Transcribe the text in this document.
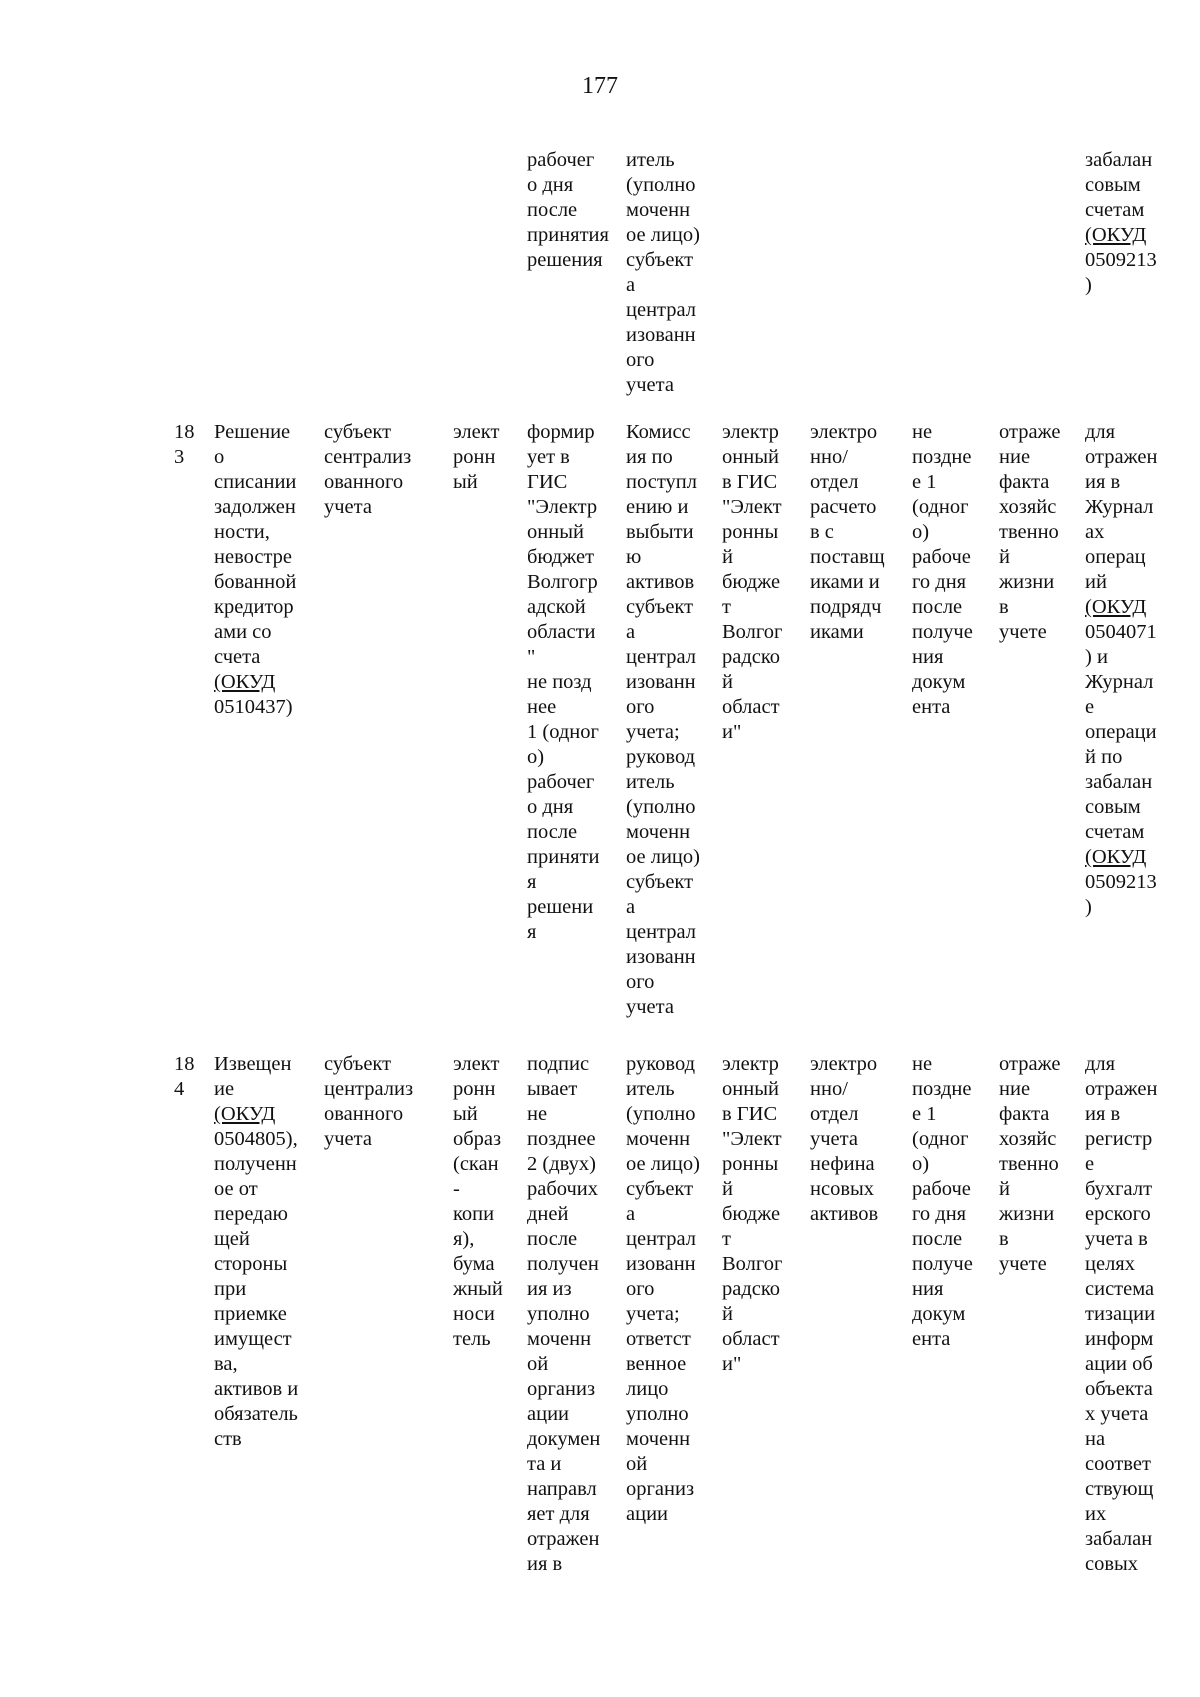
177
рабочег
о дня
после
принятия
решения
итель
(уполно
моченн
ое лицо)
субъект
а
централ
изованн
ого
учета
забалан
совым
счетам
(ОКУД
0509213
)
18
3
Решение
о
списании
задолжен
ности,
невостре
бованной
кредитор
ами со
счета
(ОКУД
0510437)
субъект
cентрализ
ованного
учета
элект
ронн
ый
формир
ует в
ГИС
"Электр
онный
бюджет
Волгогр
адской
области
"
не позд
нее
1 (одног
о)
рабочег
о дня
после
приняти
я
решени
я
Комисс
ия по
поступл
ению и
выбыти
ю
активов
субъект
а
централ
изованн
ого
учета;
руковод
итель
(уполно
моченн
ое лицо)
субъект
а
централ
изованн
ого
учета
электр
онный
в ГИС
"Элект
ронны
й
бюдже
т
Волгог
радско
й
област
и"
электро
нно/
отдел
расчето
в с
поставщ
иками и
подрядч
иками
не
поздне
е 1
(одног
о)
рабоче
го дня
после
получе
ния
докум
ента
отраже
ние
факта
хозяйс
твенно
й
жизни
в
учете
для
отражен
ия в
Журнал
ах
операц
ий
(ОКУД
0504071
) и
Журнал
е
операци
й по
забалан
совым
счетам
(ОКУД
0509213
)
18
4
Извещен
ие
(ОКУД
0504805),
полученн
ое от
передаю
щей
стороны
при
приемке
имущест
ва,
активов и
обязатель
ств
субъект
централиз
ованного
учета
элект
ронн
ый
образ
(скан
-
копи
я),
бума
жный
носи
тель
подпис
ывает
не
позднее
2 (двух)
рабочих
дней
после
получен
ия из
уполно
моченн
ой
организ
ации
докумен
та и
направл
яет для
отражен
ия в
руковод
итель
(уполно
моченн
ое лицо)
субъект
а
централ
изованн
ого
учета;
ответст
венное
лицо
уполно
моченн
ой
организ
ации
электр
онный
в ГИС
"Элект
ронны
й
бюдже
т
Волгог
радско
й
област
и"
электро
нно/
отдел
учета
нефина
нсовых
активов
не
поздне
е 1
(одног
о)
рабоче
го дня
после
получе
ния
докум
ента
отраже
ние
факта
хозяйс
твенно
й
жизни
в
учете
для
отражен
ия в
регистр
е
бухгалт
ерского
учета в
целях
система
тизации
информ
ации об
объекта
х учета
на
соответ
ствующ
их
забалан
совых
